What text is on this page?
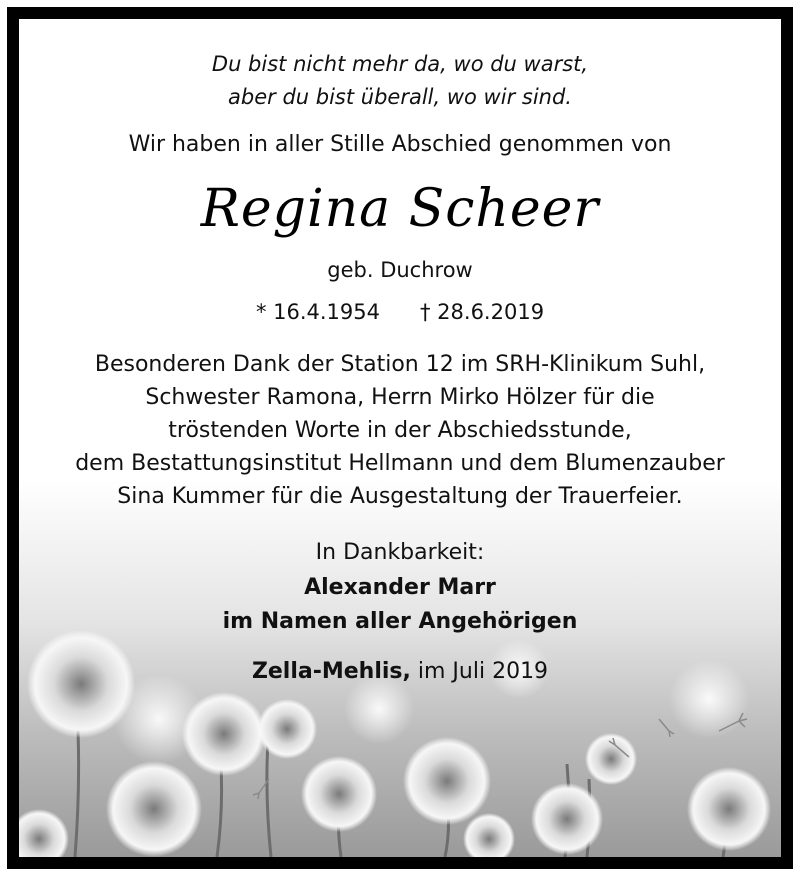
Du bist nicht mehr da, wo du warst,
aber du bist überall, wo wir sind.
Wir haben in aller Stille Abschied genommen von
Regina Scheer
geb. Duchrow
* 16.4.1954 † 28.6.2019
Besonderen Dank der Station 12 im SRH-Klinikum Suhl,
Schwester Ramona, Herrn Mirko Hölzer für die
tröstenden Worte in der Abschiedsstunde,
dem Bestattungsinstitut Hellmann und dem Blumenzauber
Sina Kummer für die Ausgestaltung der Trauerfeier.
In Dankbarkeit:
Alexander Marr
im Namen aller Angehörigen
Zella-Mehlis, im Juli 2019
